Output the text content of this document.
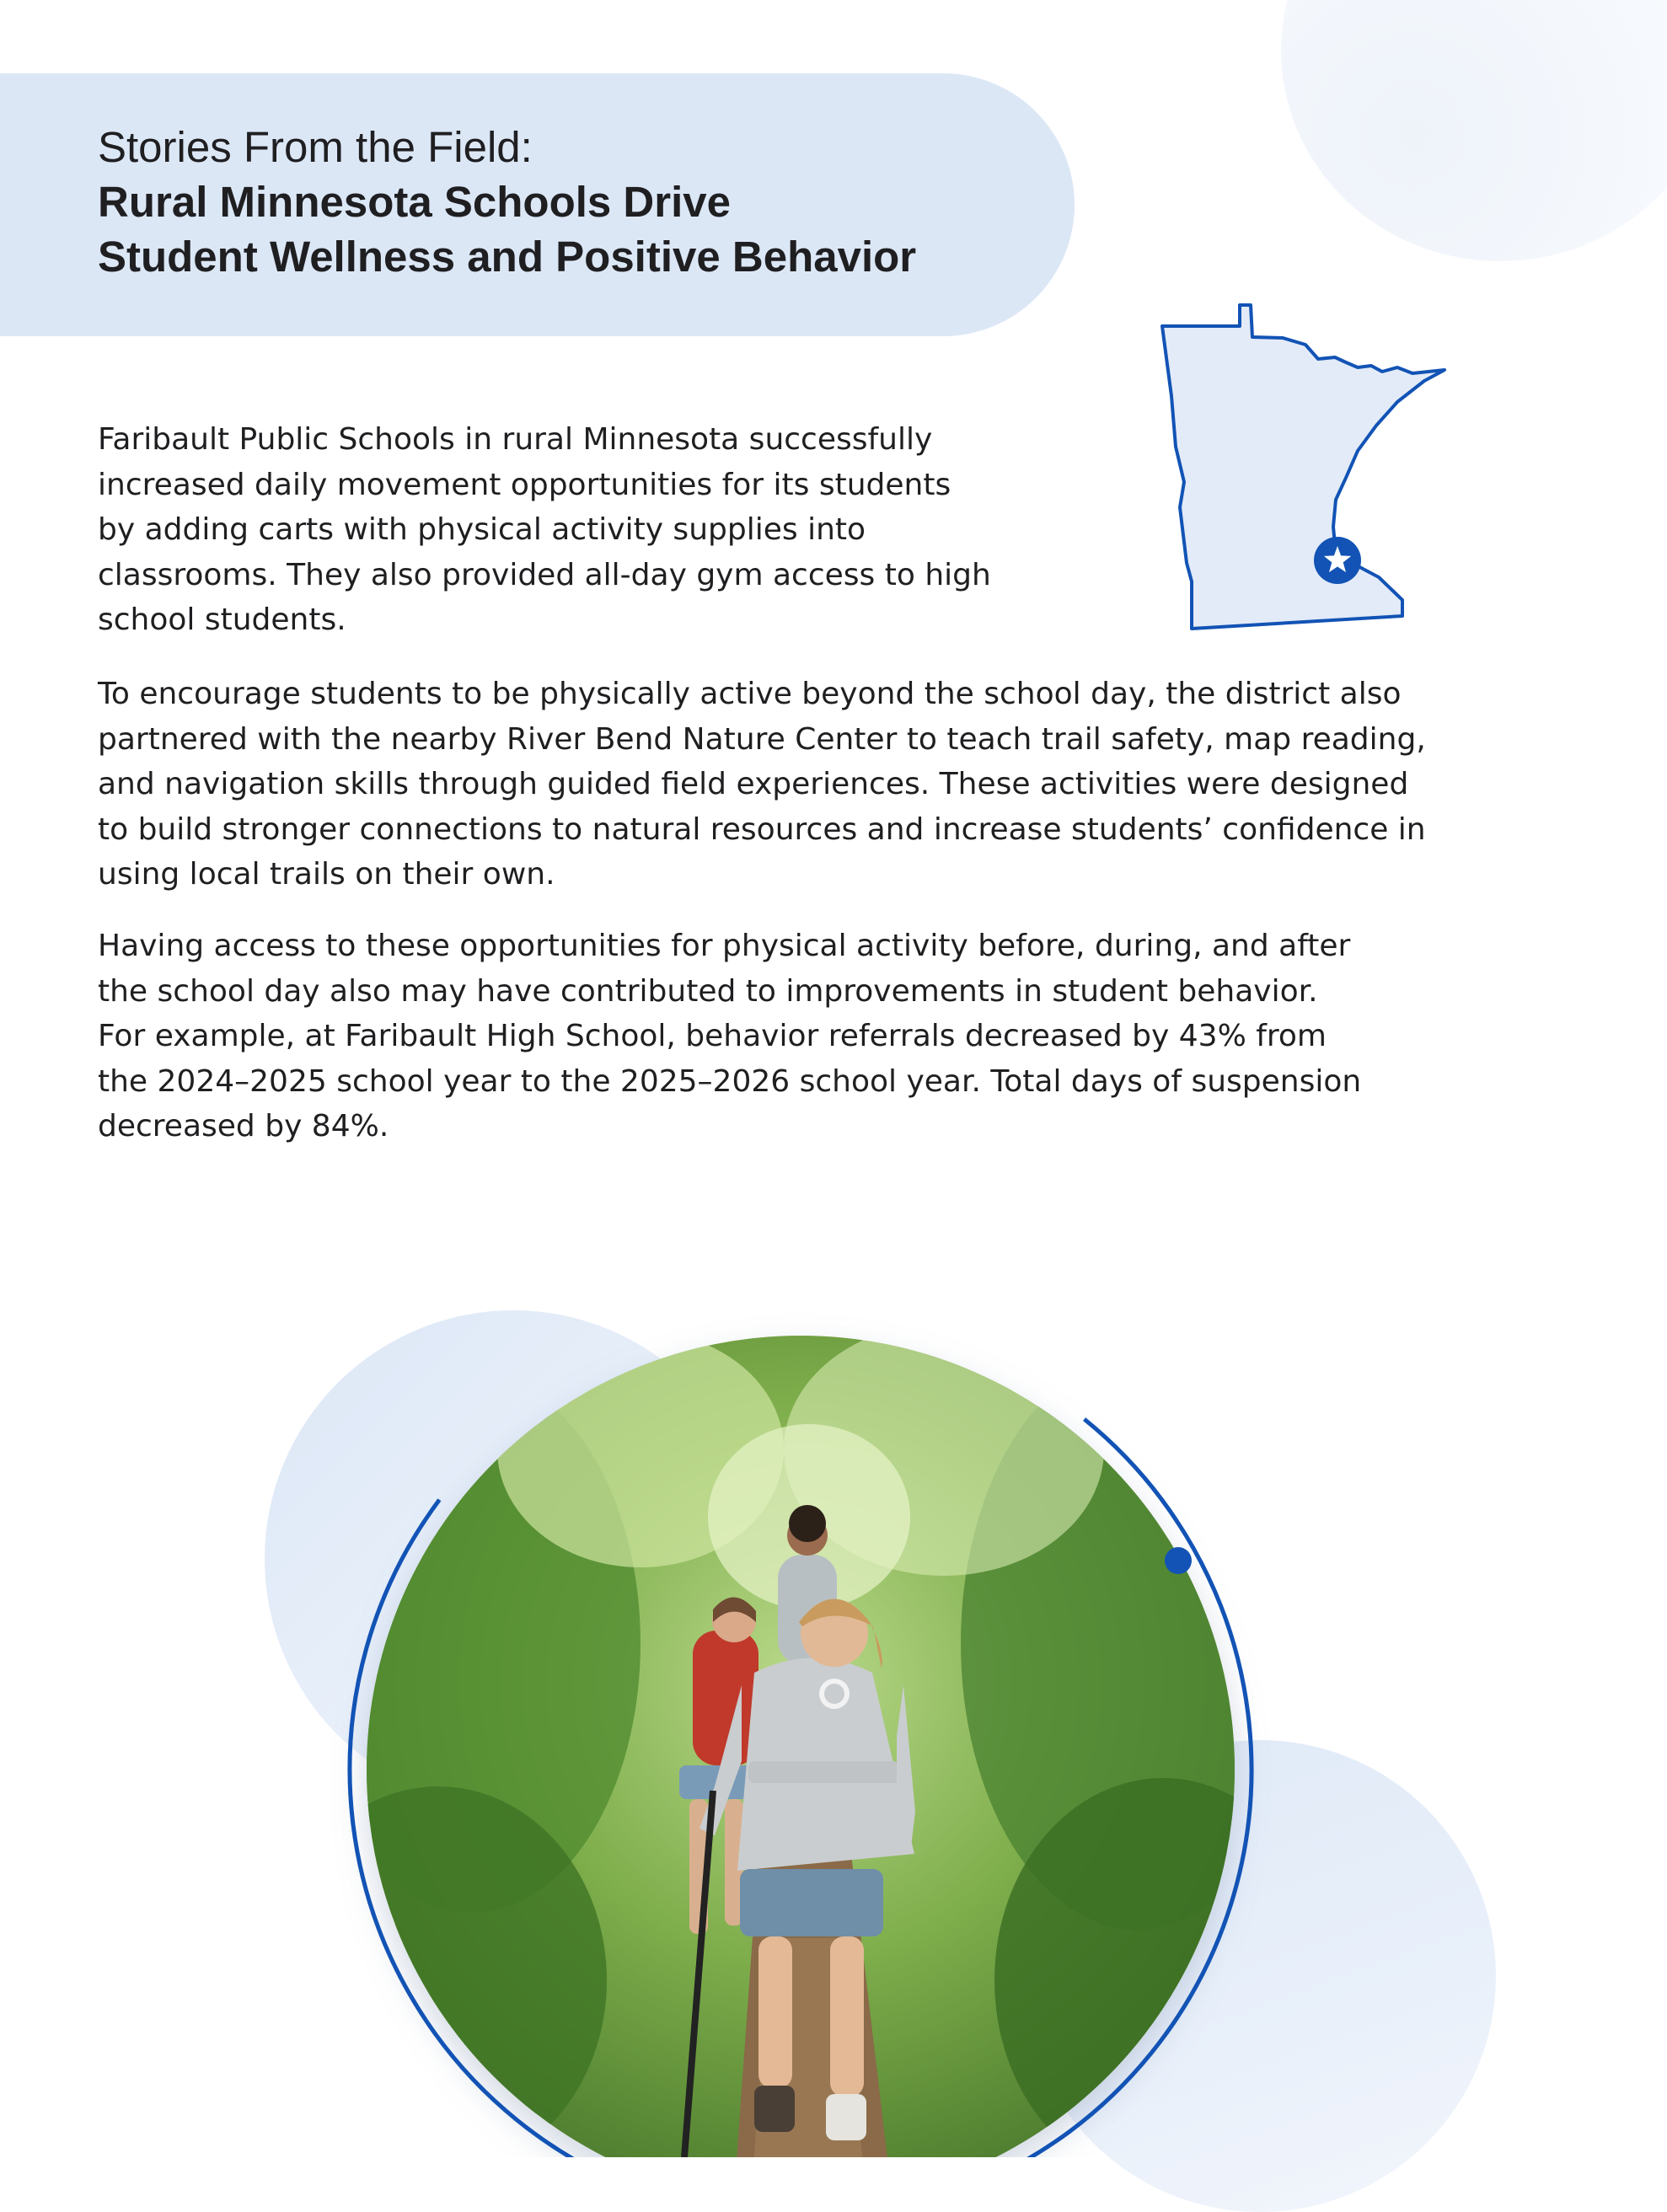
Stories From the Field:
Rural Minnesota Schools Drive
Student Wellness and Positive Behavior

Faribault Public Schools in rural Minnesota successfully
increased daily movement opportunities for its students
by adding carts with physical activity supplies into
classrooms. They also provided all-day gym access to high
school students.

To encourage students to be physically active beyond the school day, the district also
partnered with the nearby River Bend Nature Center to teach trail safety, map reading,
and navigation skills through guided field experiences. These activities were designed
to build stronger connections to natural resources and increase students’ confidence in
using local trails on their own.

Having access to these opportunities for physical activity before, during, and after
the school day also may have contributed to improvements in student behavior.
For example, at Faribault High School, behavior referrals decreased by 43% from
the 2024–2025 school year to the 2025–2026 school year. Total days of suspension
decreased by 84%.
